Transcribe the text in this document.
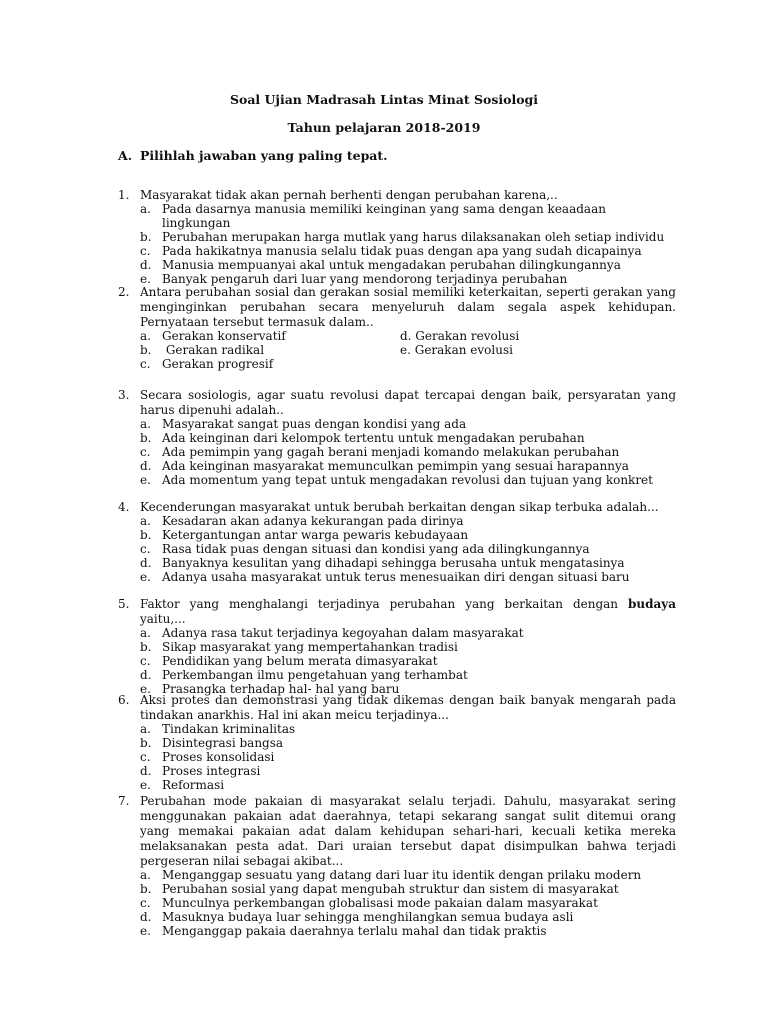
Soal Ujian Madrasah Lintas Minat Sosiologi
Tahun pelajaran 2018-2019
A. Pilihlah jawaban yang paling tepat.
1. Masyarakat tidak akan pernah berhenti dengan perubahan karena,..
a. Pada dasarnya manusia memiliki keinginan yang sama dengan keaadaan lingkungan
b. Perubahan merupakan harga mutlak yang harus dilaksanakan oleh setiap individu
c. Pada hakikatnya manusia selalu tidak puas dengan apa yang sudah dicapainya
d. Manusia mempuanyai akal untuk mengadakan perubahan dilingkungannya
e. Banyak pengaruh dari luar yang mendorong terjadinya perubahan
2. Antara perubahan sosial dan gerakan sosial memiliki keterkaitan, seperti gerakan yang menginginkan perubahan secara menyeluruh dalam segala aspek kehidupan. Pernyataan tersebut termasuk dalam..
a. Gerakan konservatif	d. Gerakan revolusi
b. Gerakan radikal	e. Gerakan evolusi
c. Gerakan progresif
3. Secara sosiologis, agar suatu revolusi dapat tercapai dengan baik, persyaratan yang harus dipenuhi adalah..
a. Masyarakat sangat puas dengan kondisi yang ada
b. Ada keinginan dari kelompok tertentu untuk mengadakan perubahan
c. Ada pemimpin yang gagah berani menjadi komando melakukan perubahan
d. Ada keinginan masyarakat memunculkan pemimpin yang sesuai harapannya
e. Ada momentum yang tepat untuk mengadakan revolusi dan tujuan yang konkret
4. Kecenderungan masyarakat untuk berubah berkaitan dengan sikap terbuka adalah...
a. Kesadaran akan adanya kekurangan pada dirinya
b. Ketergantungan antar warga pewaris kebudayaan
c. Rasa tidak puas dengan situasi dan kondisi yang ada dilingkungannya
d. Banyaknya kesulitan yang dihadapi sehingga berusaha untuk mengatasinya
e. Adanya usaha masyarakat untuk terus menesuaikan diri dengan situasi baru
5. Faktor yang menghalangi terjadinya perubahan yang berkaitan dengan budaya yaitu,...
a. Adanya rasa takut terjadinya kegoyahan dalam masyarakat
b. Sikap masyarakat yang mempertahankan tradisi
c. Pendidikan yang belum merata dimasyarakat
d. Perkembangan ilmu pengetahuan yang terhambat
e. Prasangka terhadap hal- hal yang baru
6. Aksi protes dan demonstrasi yang tidak dikemas dengan baik banyak mengarah pada tindakan anarkhis. Hal ini akan meicu terjadinya...
a. Tindakan kriminalitas
b. Disintegrasi bangsa
c. Proses konsolidasi
d. Proses integrasi
e. Reformasi
7. Perubahan mode pakaian di masyarakat selalu terjadi. Dahulu, masyarakat sering menggunakan pakaian adat daerahnya, tetapi sekarang sangat sulit ditemui orang yang memakai pakaian adat dalam kehidupan sehari-hari, kecuali ketika mereka melaksanakan pesta adat. Dari uraian tersebut dapat disimpulkan bahwa terjadi pergeseran nilai sebagai akibat...
a. Menganggap sesuatu yang datang dari luar itu identik dengan prilaku modern
b. Perubahan sosial yang dapat mengubah struktur dan sistem di masyarakat
c. Munculnya perkembangan globalisasi mode pakaian dalam masyarakat
d. Masuknya budaya luar sehingga menghilangkan semua budaya asli
e. Menganggap pakaia daerahnya terlalu mahal dan tidak praktis
